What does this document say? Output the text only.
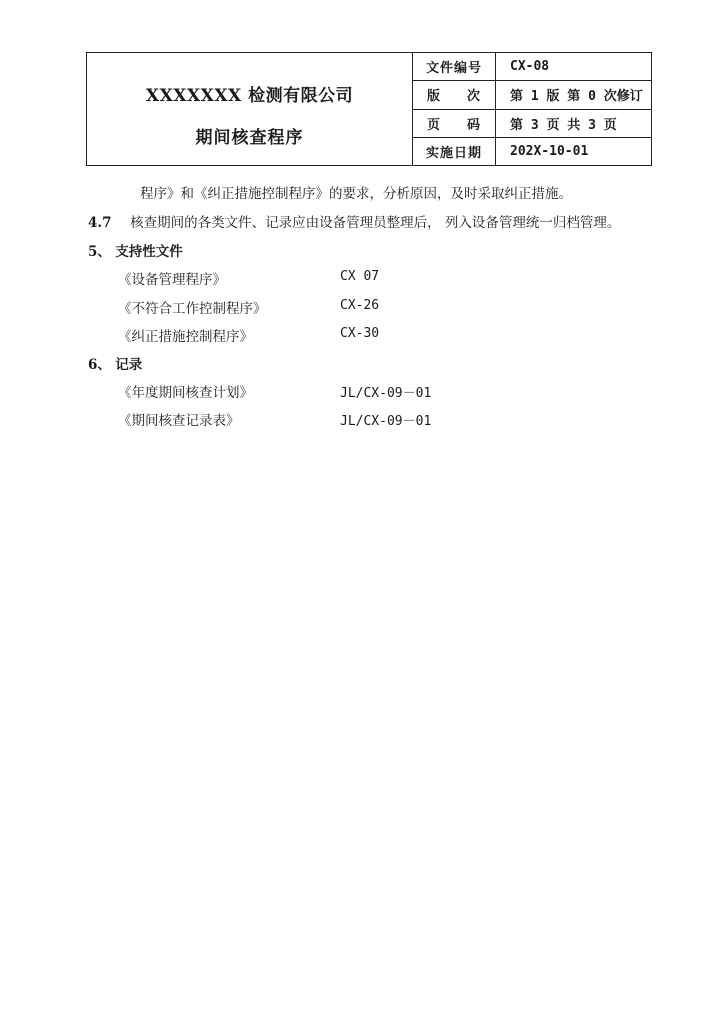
XXXXXXX 检测有限公司
期间核查程序
文件编号	CX-08
版 次	第 1 版 第 0 次修订
页 码	第 3 页 共 3 页
实施日期	202X-10-01
程序》和《纠正措施控制程序》的要求，分析原因，及时采取纠正措施。
4.7 核查期间的各类文件、记录应由设备管理员整理后， 列入设备管理统一归档管理。
5、 支持性文件
《设备管理程序》	CX 07
《不符合工作控制程序》	CX-26
《纠正措施控制程序》	CX-30
6、 记录
《年度期间核查计划》	JL/CX-09－01
《期间核查记录表》	JL/CX-09－01
